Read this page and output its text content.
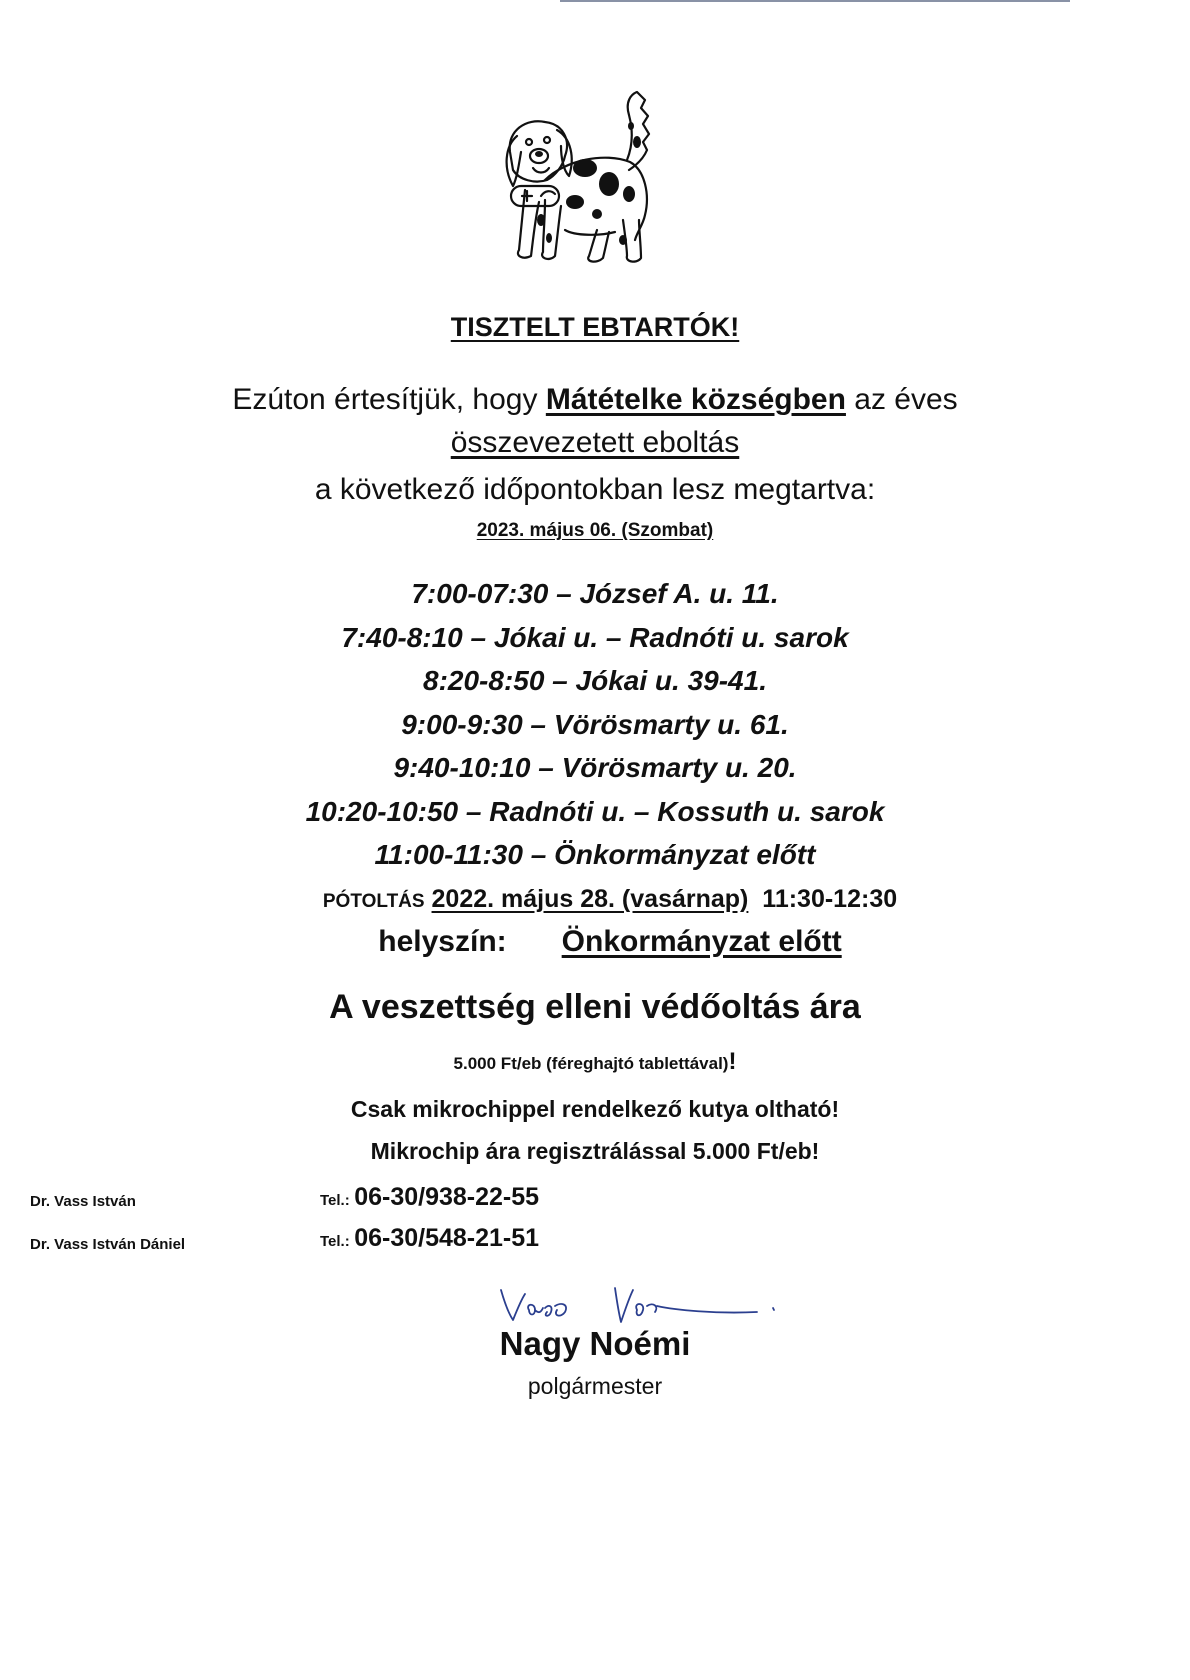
TISZTELT EBTARTÓK!
Ezúton értesítjük, hogy Mátételke községben az éves
összevezetett eboltás
a következő időpontokban lesz megtartva:
2023. május 06. (Szombat)
7:00-07:30 – József A. u. 11.
7:40-8:10 – Jókai u. – Radnóti u. sarok
8:20-8:50 – Jókai u. 39-41.
9:00-9:30 – Vörösmarty u. 61.
9:40-10:10 – Vörösmarty u. 20.
10:20-10:50 – Radnóti u. – Kossuth u. sarok
11:00-11:30 – Önkormányzat előtt
PÓTOLTÁS 2022. május 28. (vasárnap) 11:30-12:30
helyszín: Önkormányzat előtt
A veszettség elleni védőoltás ára
5.000 Ft/eb (féreghajtó tablettával)!
Csak mikrochippel rendelkező kutya oltható!
Mikrochip ára regisztrálással 5.000 Ft/eb!
Dr. Vass István	Tel.: 06-30/938-22-55
Dr. Vass István Dániel	Tel.: 06-30/548-21-51
Nagy Noémi
polgármester
